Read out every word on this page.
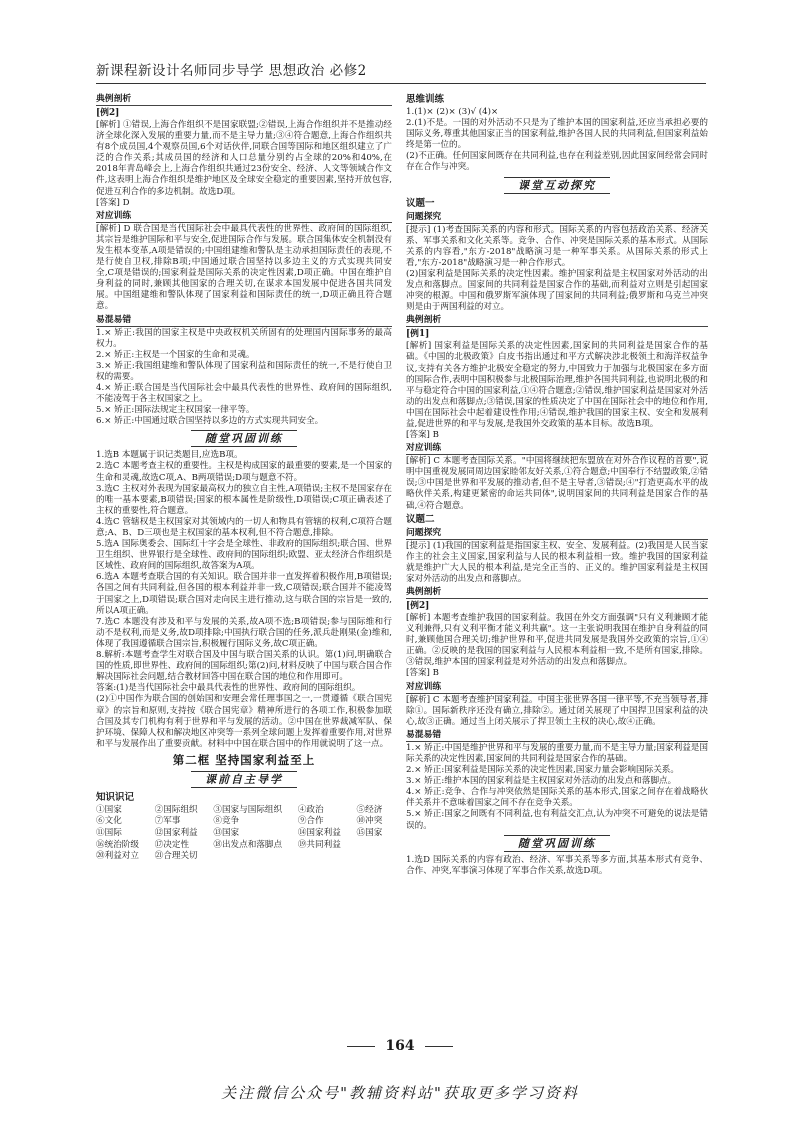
新课程新设计名师同步导学 思想政治 必修2
典例剖析
[例2]

[解析] ①错误,上海合作组织不是国家联盟;②错误,上海合作组织并不是推动经济全球化深入发展的重要力量,而不是主导力量;③④符合题意,上海合作组织共有8个成员国,4个观察员国,6个对话伙伴,同联合国等国际和地区组织建立了广泛的合作关系;其成员国的经济和人口总量分别约占全球的20%和40%,在2018年青岛峰会上,上海合作组织共通过23份安全、经济、人文等领域合作文件,这表明上海合作组织是维护地区及全球安全稳定的重要因素,坚持开放包容,促进互利合作的多边机制。故选D项。

[答案] D

对应训练

[解析] D 联合国是当代国际社会中最具代表性的世界性、政府间的国际组织,其宗旨是维护国际和平与安全,促进国际合作与发展。联合国集体安全机制没有发生根本变革,A项是错误的;中国组建维和警队是主动承担国际责任的表现,不是行使自卫权,排除B项;中国通过联合国坚持以多边主义的方式实现共同安全,C项是错误的;国家利益是国际关系的决定性因素,D项正确。中国在维护自身利益的同时,兼顾其他国家的合理关切,在谋求本国发展中促进各国共同发展。中国组建维和警队体现了国家利益和国际责任的统一,D项正确且符合题意。

易混易错

1.× 矫正:我国的国家主权是中央政权机关所固有的处理国内国际事务的最高权力。

2.× 矫正:主权是一个国家的生命和灵魂。

3.× 矫正:我国组建维和警队体现了国家利益和国际责任的统一,不是行使自卫权的需要。

4.× 矫正:联合国是当代国际社会中最具代表性的世界性、政府间的国际组织,不能凌驾于各主权国家之上。

5.× 矫正:国际法规定主权国家一律平等。

6.× 矫正:中国通过联合国坚持以多边的方式实现共同安全。

随堂巩固训练

1.选B 本题属于识记类题目,应选B项。

2.选C 本题考查主权的重要性。主权是构成国家的最重要的要素,是一个国家的生命和灵魂,故选C项,A、B两项错误;D项与题意不符。

3.选C 主权对外表现为国家最高权力的独立自主性,A项错误;主权不是国家存在的唯一基本要素,B项错误;国家的根本属性是阶级性,D项错误;C项正确表述了主权的重要性,符合题意。

4.选C 管辖权是主权国家对其领域内的一切人和物具有管辖的权利,C项符合题意;A、B、D三项也是主权国家的基本权利,但不符合题意,排除。

5.选A 国际奥委会、国际红十字会是全球性、非政府的国际组织;联合国、世界卫生组织、世界银行是全球性、政府间的国际组织;欧盟、亚太经济合作组织是区域性、政府间的国际组织,故答案为A项。

6.选A 本题考查联合国的有关知识。联合国并非一直发挥着积极作用,B项错误;各国之间有共同利益,但各国的根本利益并非一致,C项错误;联合国并不能凌驾于国家之上,D项错误;联合国对走向民主进行推动,这与联合国的宗旨是一致的,所以A项正确。

7.选C 本题没有涉及和平与发展的关系,故A项不选;B项错误;参与国际维和行动不是权利,而是义务,故D项排除;中国执行联合国的任务,派兵赴刚果(金)维和,体现了我国遵循联合国宗旨,积极履行国际义务,故C项正确。

8.解析:本题考查学生对联合国及中国与联合国关系的认识。第(1)问,明确联合国的性质,即世界性、政府间的国际组织;第(2)问,材料反映了中国与联合国合作解决国际社会问题,结合教材回答中国在联合国的地位和作用即可。

答案:(1)是当代国际社会中最具代表性的世界性、政府间的国际组织。

(2)①中国作为联合国的创始国和安理会常任理事国之一,一贯遵循《联合国宪章》的宗旨和原则,支持按《联合国宪章》精神所进行的各项工作,积极参加联合国及其专门机构有利于世界和平与发展的活动。②中国在世界裁减军队、保护环境、保障人权和解决地区冲突等一系列全球问题上发挥着重要作用,对世界和平与发展作出了重要贡献。材料中中国在联合国中的作用就说明了这一点。

第二框 坚持国家利益至上
课前自主导学
知识识记
①国家	②国际组织	③国家与国际组织	④政治	⑤经济
⑥文化	⑦军事	⑧竞争	⑨合作	⑩冲突
⑪国际	⑫国家利益	⑬国家	⑭国家利益	⑮国家
⑯统治阶级	⑰决定性	⑱出发点和落脚点	⑲共同利益
⑳利益对立	㉑合理关切
思维训练

1.(1)× (2)× (3)√ (4)×

2.(1)不是。一国的对外活动不只是为了维护本国的国家利益,还应当承担必要的国际义务,尊重其他国家正当的国家利益,维护各国人民的共同利益,但国家利益始终是第一位的。

(2)不正确。任何国家间既存在共同利益,也存在利益差别,因此国家间经常会同时存在合作与冲突。

课堂互动探究
议题一
问题探究

[提示] (1)考查国际关系的内容和形式。国际关系的内容包括政治关系、经济关系、军事关系和文化关系等。竞争、合作、冲突是国际关系的基本形式。从国际关系的内容看,"东方-2018"战略演习是一种军事关系。从国际关系的形式上看,"东方-2018"战略演习是一种合作形式。

(2)国家利益是国际关系的决定性因素。维护国家利益是主权国家对外活动的出发点和落脚点。国家间的共同利益是国家合作的基础,而利益对立则是引起国家冲突的根源。中国和俄罗斯军演体现了国家间的共同利益;俄罗斯和乌克兰冲突则是由于两国利益的对立。

典例剖析
[例1]

[解析] 国家利益是国际关系的决定性因素,国家间的共同利益是国家合作的基础。《中国的北极政策》白皮书指出通过和平方式解决涉北极领土和海洋权益争议,支持有关各方维护北极安全稳定的努力,中国致力于加强与北极国家在多方面的国际合作,表明中国积极参与北极国际治理,维护各国共同利益,也说明北极的和平与稳定符合中国的国家利益,①④符合题意;②错误,维护国家利益是国家对外活动的出发点和落脚点;③错误,国家的性质决定了中国在国际社会中的地位和作用,中国在国际社会中起着建设性作用;④错误,维护我国的国家主权、安全和发展利益,促进世界的和平与发展,是我国外交政策的基本目标。故选B项。

[答案] B

对应训练

[解析] C 本题考查国际关系。"中国将继续把东盟放在对外合作议程的首要",说明中国重视发展同周边国家睦邻友好关系,①符合题意;中国奉行不结盟政策,②错误;③中国是世界和平发展的推动者,但不是主导者,③错误;④"打造更高水平的战略伙伴关系,构建更紧密的命运共同体",说明国家间的共同利益是国家合作的基础,④符合题意。

议题二
问题探究

[提示] (1)我国的国家利益是指国家主权、安全、发展利益。(2)我国是人民当家作主的社会主义国家,国家利益与人民的根本利益相一致。维护我国的国家利益就是维护广大人民的根本利益,是完全正当的、正义的。维护国家利益是主权国家对外活动的出发点和落脚点。

典例剖析
[例2]

[解析] 本题考查维护我国的国家利益。我国在外交方面强调"只有义利兼顾才能义利兼得,只有义利平衡才能义利共赢"。这一主张说明我国在维护自身利益的同时,兼顾他国合理关切;维护世界和平,促进共同发展是我国外交政策的宗旨,①④正确。②反映的是我国的国家利益与人民根本利益相一致,不是所有国家,排除。③错误,维护本国的国家利益是对外活动的出发点和落脚点。

[答案] B

对应训练

[解析] C 本题考查维护国家利益。中国主张世界各国一律平等,不充当领导者,排除①。国际新秩序还没有确立,排除②。通过闭关展现了中国捍卫国家利益的决心,故③正确。通过当上闭关展示了捍卫领土主权的决心,故④正确。

易混易错

1.× 矫正:中国是维护世界和平与发展的重要力量,而不是主导力量;国家利益是国际关系的决定性因素,国家间的共同利益是国家合作的基础。

2.× 矫正:国家利益是国际关系的决定性因素,国家力量会影响国际关系。

3.× 矫正:维护本国的国家利益是主权国家对外活动的出发点和落脚点。

4.× 矫正:竞争、合作与冲突依然是国际关系的基本形式,国家之间存在着战略伙伴关系并不意味着国家之间不存在竞争关系。

5.× 矫正:国家之间既有不同利益,也有利益交汇点,认为冲突不可避免的说法是错误的。

随堂巩固训练

1.选D 国际关系的内容有政治、经济、军事关系等多方面,其基本形式有竞争、合作、冲突,军事演习体现了军事合作关系,故选D项。

164
关注微信公众号"教辅资料站"获取更多学习资料
